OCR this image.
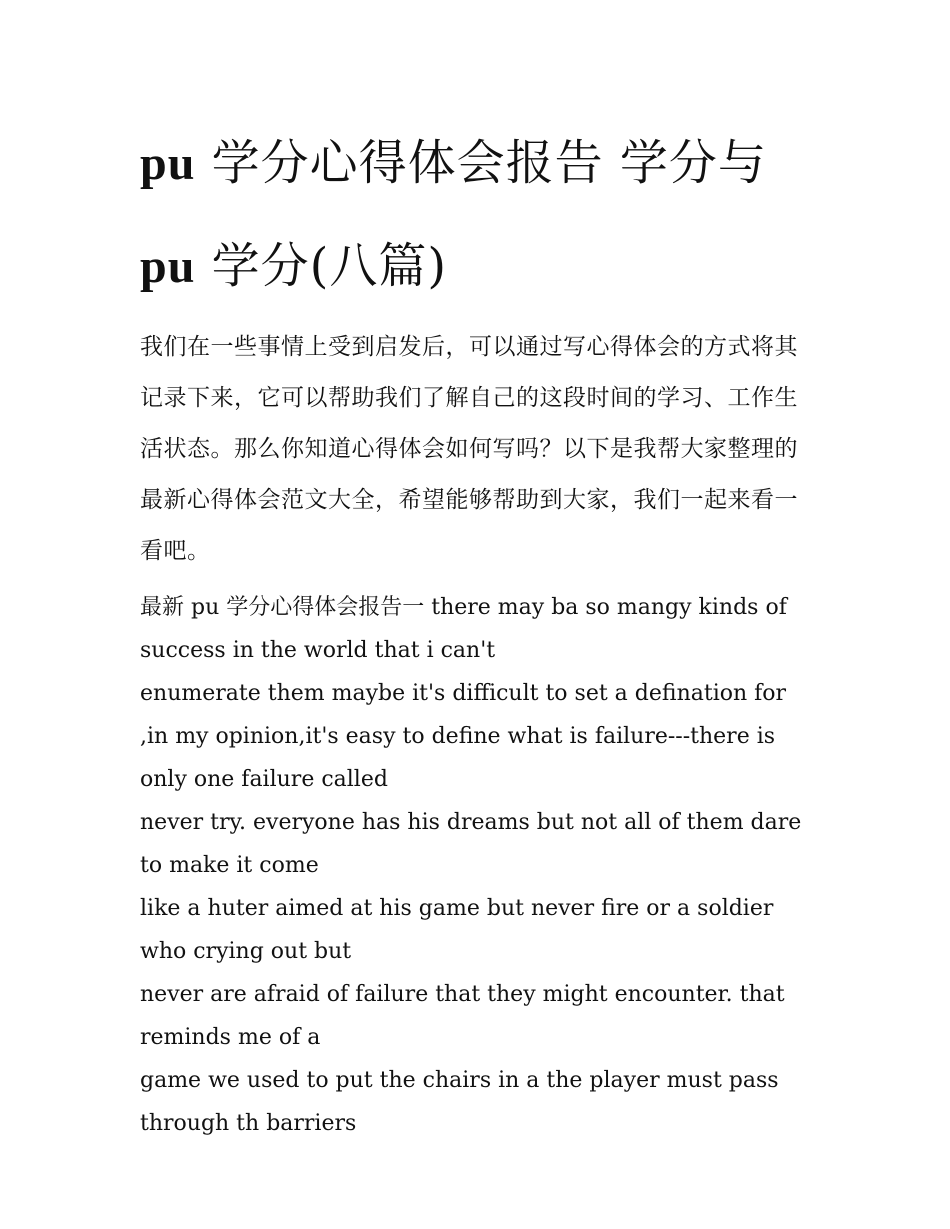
pu 学分心得体会报告 学分与
pu 学分(八篇)

我们在一些事情上受到启发后，可以通过写心得体会的方式将其记录下来，它可以帮助我们了解自己的这段时间的学习、工作生活状态。那么你知道心得体会如何写吗？以下是我帮大家整理的最新心得体会范文大全，希望能够帮助到大家，我们一起来看一看吧。

最新 pu 学分心得体会报告一 there may ba so mangy kinds of success in the world that i can't

enumerate them maybe it's difficult to set a defination for ,in my opinion,it's easy to define what is failure---there is only one failure called

never try. everyone has his dreams but not all of them dare to make it come

like a huter aimed at his game but never fire or a soldier who crying out but

never are afraid of failure that they might encounter. that reminds me of a

game we used to put the chairs in a the player must pass through th barriers
